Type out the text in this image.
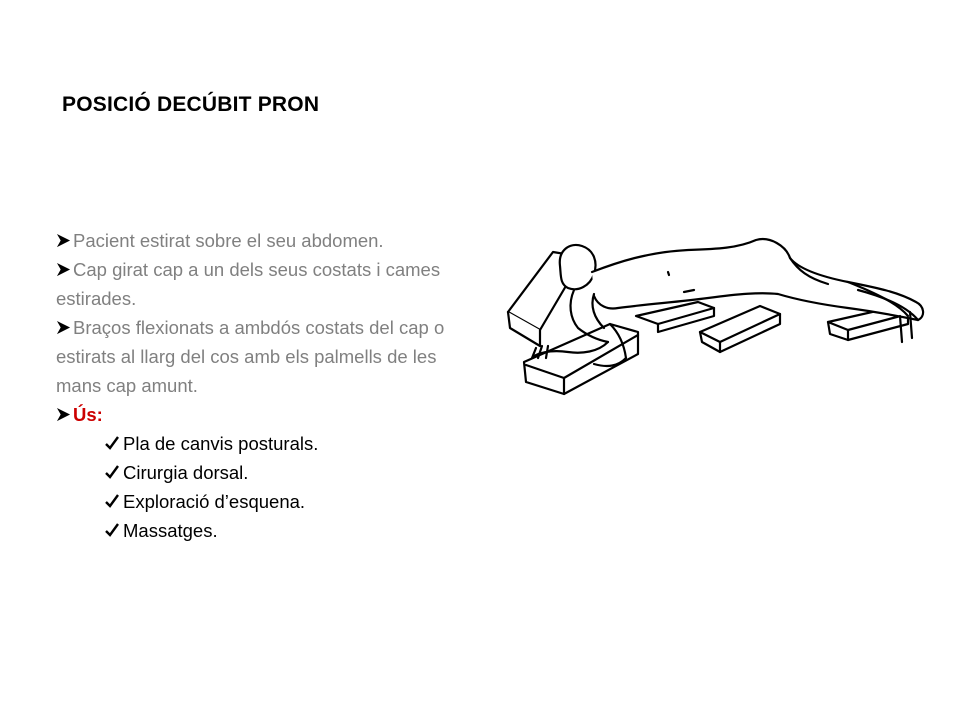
POSICIÓ DECÚBIT PRON

Pacient estirat sobre el seu abdomen.

Cap girat cap a un dels seus costats i cames estirades.

Braços flexionats a ambdós costats del cap o estirats al llarg del cos amb els palmells de les mans cap amunt.

Ús:

Pla de canvis posturals.
Cirurgia dorsal.
Exploració d’esquena.
Massatges.
